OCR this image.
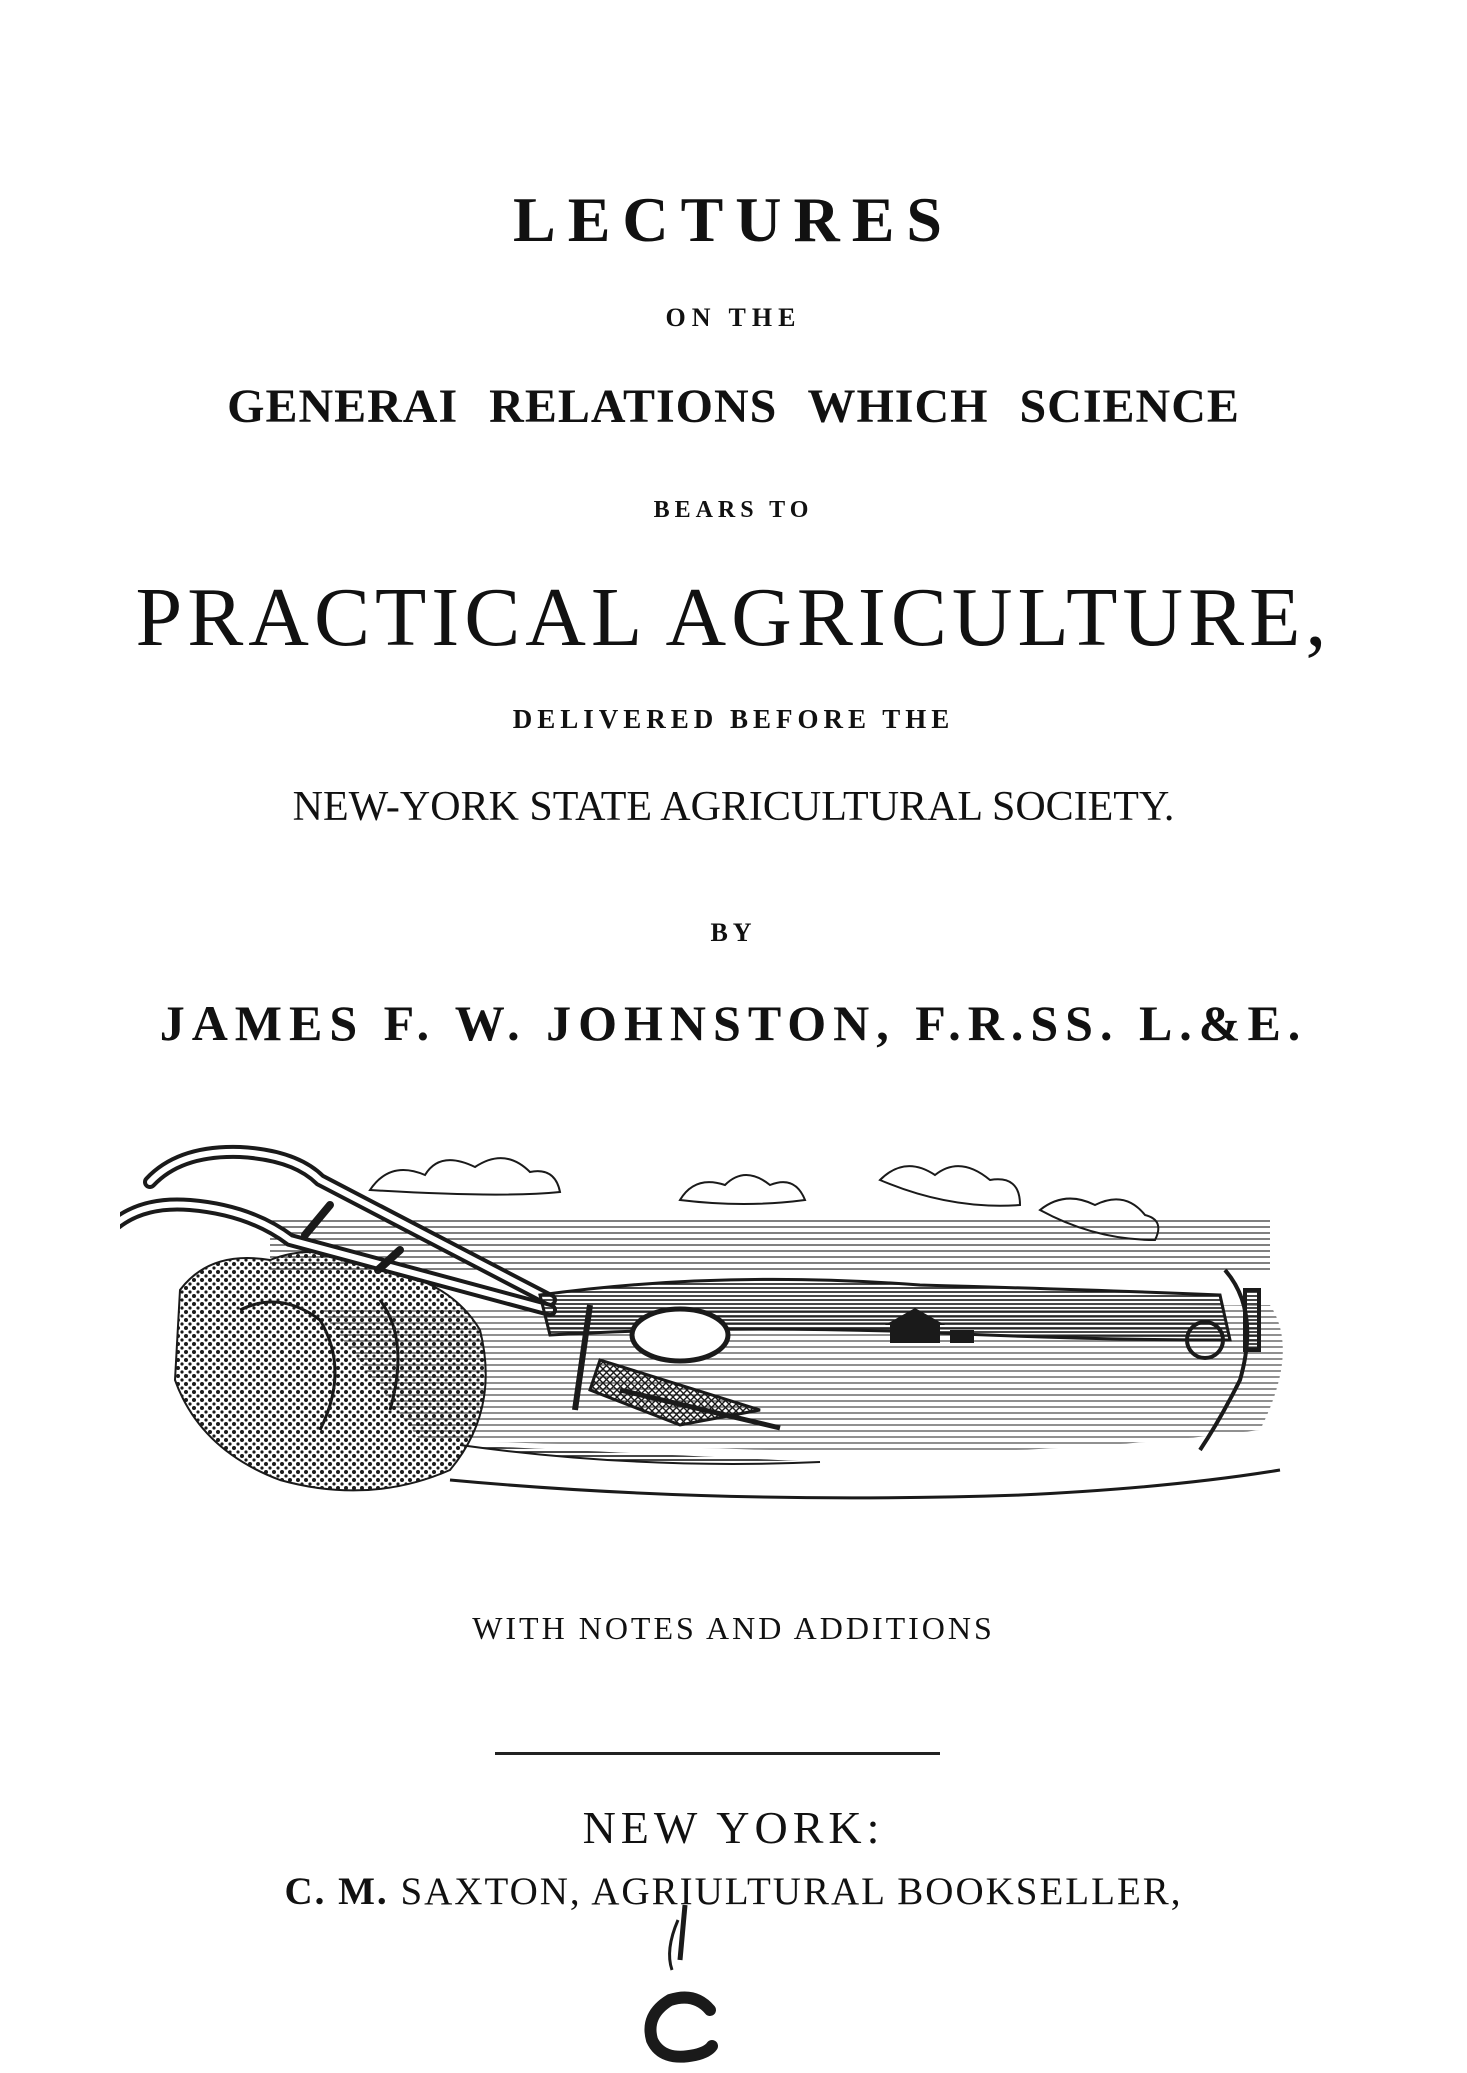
LECTURES
ON THE
GENERAI RELATIONS WHICH SCIENCE
BEARS TO
PRACTICAL AGRICULTURE,
DELIVERED BEFORE THE
NEW-YORK STATE AGRICULTURAL SOCIETY.
BY
JAMES F. W. JOHNSTON, F.R.SS. L.&E.
WITH NOTES AND ADDITIONS
NEW YORK:
C. M. SAXTON, AGRIULTURAL BOOKSELLER,
